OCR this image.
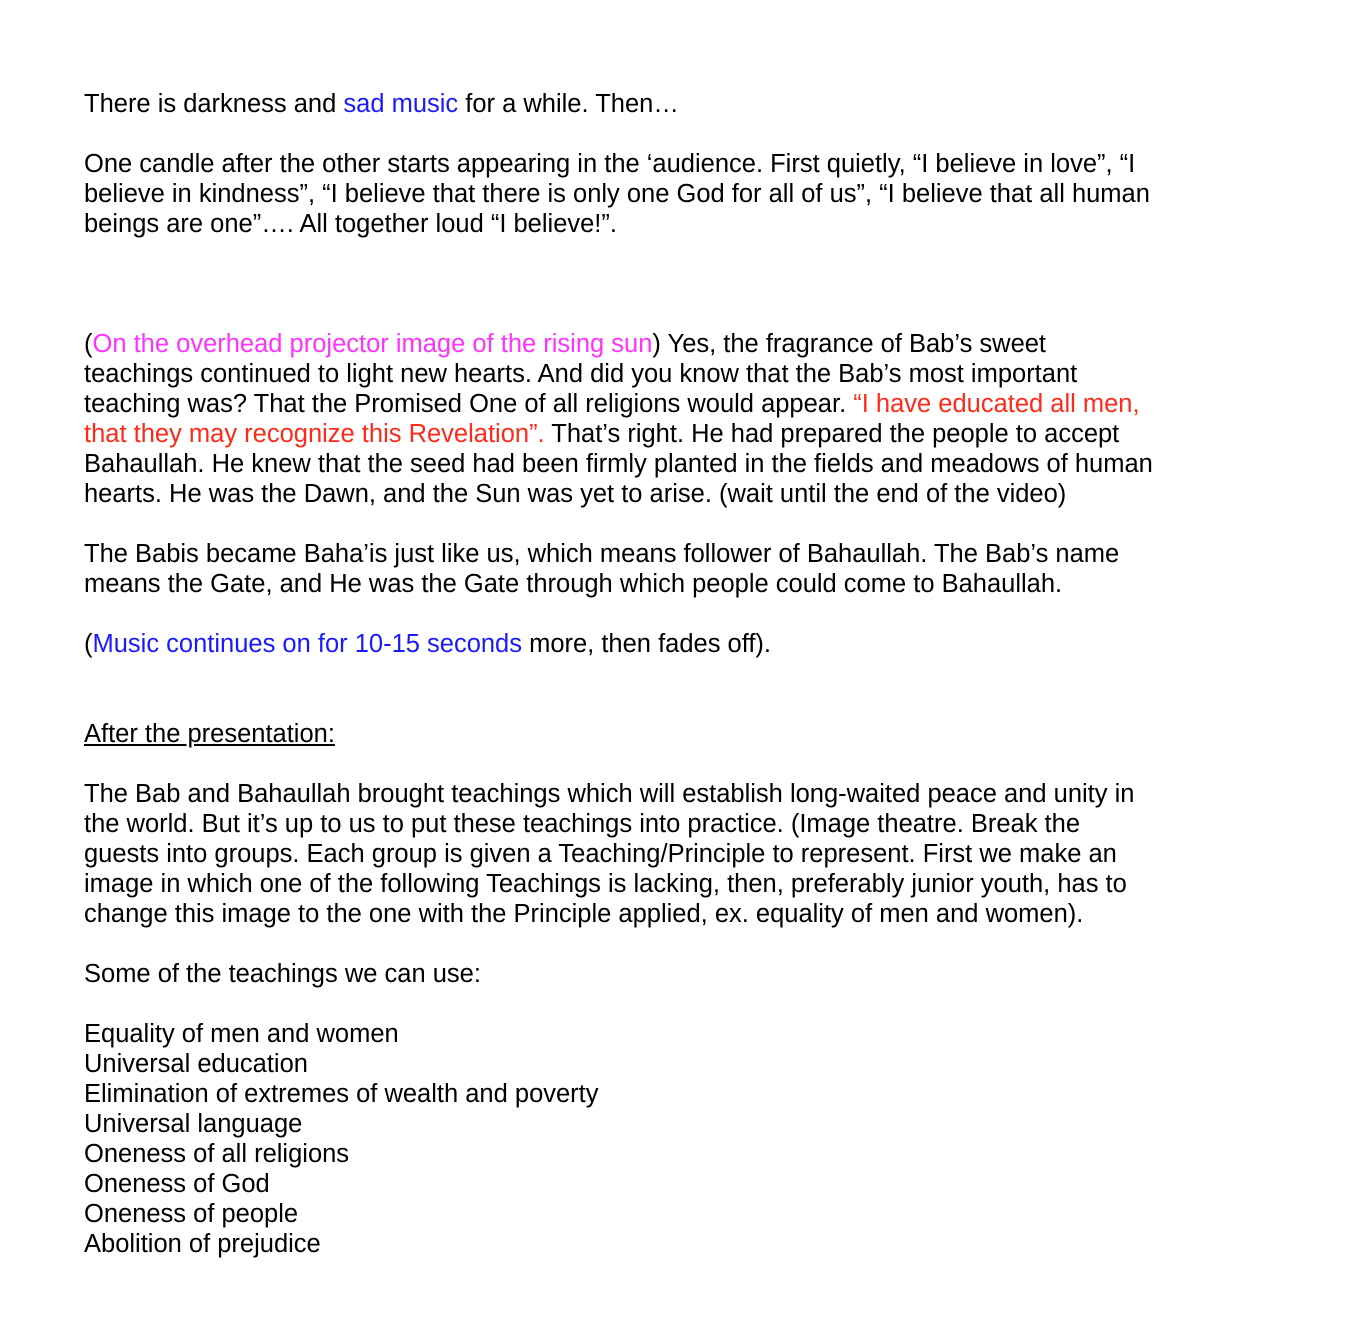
There is darkness and sad music for a while. Then…
One candle after the other starts appearing in the ‘audience. First quietly, “I believe in love”, “I
believe in kindness”, “I believe that there is only one God for all of us”, “I believe that all human
beings are one”…. All together loud “I believe!”.
(On the overhead projector image of the rising sun) Yes, the fragrance of Bab’s sweet
teachings continued to light new hearts. And did you know that the Bab’s most important
teaching was? That the Promised One of all religions would appear. “I have educated all men,
that they may recognize this Revelation”. That’s right. He had prepared the people to accept
Bahaullah. He knew that the seed had been firmly planted in the fields and meadows of human
hearts. He was the Dawn, and the Sun was yet to arise. (wait until the end of the video)
The Babis became Baha’is just like us, which means follower of Bahaullah. The Bab’s name
means the Gate, and He was the Gate through which people could come to Bahaullah.
(Music continues on for 10-15 seconds more, then fades off).
After the presentation:
The Bab and Bahaullah brought teachings which will establish long-waited peace and unity in
the world. But it’s up to us to put these teachings into practice. (Image theatre. Break the
guests into groups. Each group is given a Teaching/Principle to represent. First we make an
image in which one of the following Teachings is lacking, then, preferably junior youth, has to
change this image to the one with the Principle applied, ex. equality of men and women).
Some of the teachings we can use:
Equality of men and women
Universal education
Elimination of extremes of wealth and poverty
Universal language
Oneness of all religions
Oneness of God
Oneness of people
Abolition of prejudice
